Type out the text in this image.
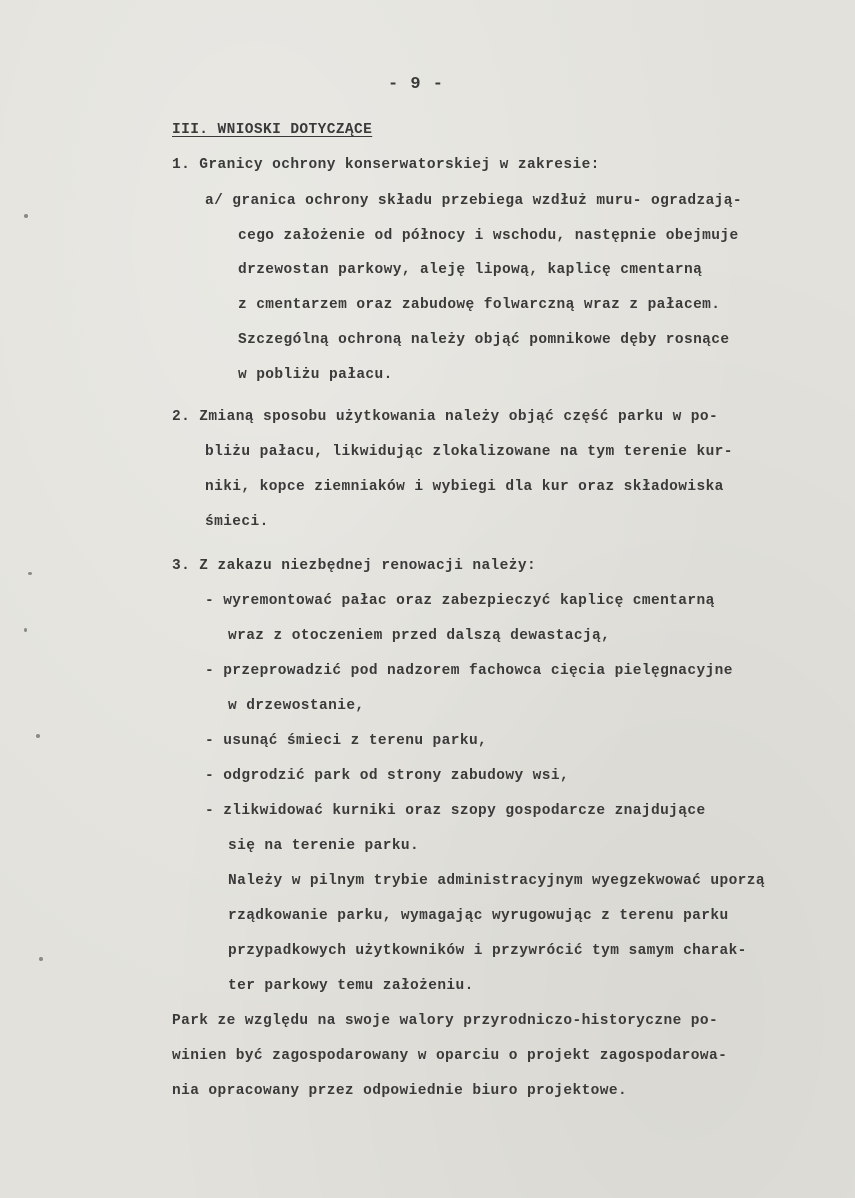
- 9 -
III. WNIOSKI DOTYCZĄCE
1. Granicy ochrony konserwatorskiej w zakresie:
a/ granica ochrony składu przebiega wzdłuż muru- ogradzają-
cego założenie od północy i wschodu, następnie obejmuje
drzewostan parkowy, aleję lipową, kaplicę cmentarną
z cmentarzem oraz zabudowę folwarczną wraz z pałacem.
Szczególną ochroną należy objąć pomnikowe dęby rosnące
w pobliżu pałacu.
2. Zmianą sposobu użytkowania należy objąć część parku w po-
bliżu pałacu, likwidując zlokalizowane na tym terenie kur-
niki, kopce ziemniaków i wybiegi dla kur oraz składowiska
śmieci.
3. Z zakazu niezbędnej renowacji należy:
- wyremontować pałac oraz zabezpieczyć kaplicę cmentarną
wraz z otoczeniem przed dalszą dewastacją,
- przeprowadzić pod nadzorem fachowca cięcia pielęgnacyjne
w drzewostanie,
- usunąć śmieci z terenu parku,
- odgrodzić park od strony zabudowy wsi,
- zlikwidować kurniki oraz szopy gospodarcze znajdujące
się na terenie parku.
Należy w pilnym trybie administracyjnym wyegzekwować uporzą
rządkowanie parku, wymagając wyrugowując z terenu parku
przypadkowych użytkowników i przywrócić tym samym charak-
ter parkowy temu założeniu.
Park ze względu na swoje walory przyrodniczo-historyczne po-
winien być zagospodarowany w oparciu o projekt zagospodarowa-
nia opracowany przez odpowiednie biuro projektowe.
